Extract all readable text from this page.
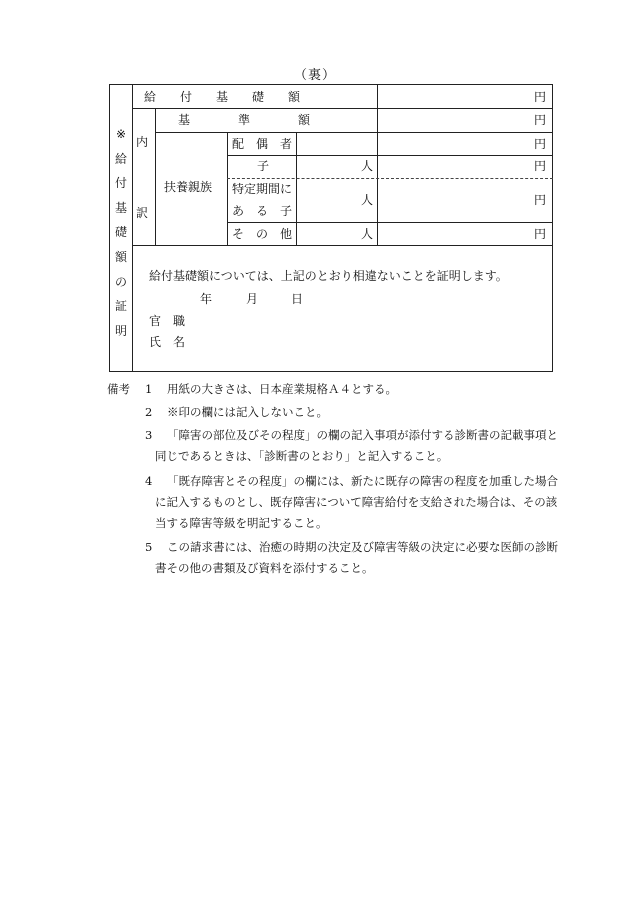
（裏）
※
給
付
基
礎
額
の
証
明
内
訳
給　　付　　基　　礎　　額
基　　　　準　　　　額
扶養親族
配　偶　者
子
特定期間に
あ　る　子
そ　の　他
人
人
人
円
円
円
円
円
円
給付基礎額については、上記のとおり相違ないことを証明します。
年	月	日
官　職
氏　名
備考 1 用紙の大きさは、日本産業規格Ａ４とする。
2 ※印の欄には記入しないこと。
3 「障害の部位及びその程度」の欄の記入事項が添付する診断書の記載事項と
同じであるときは、「診断書のとおり」と記入すること。
4 「既存障害とその程度」の欄には、新たに既存の障害の程度を加重した場合
に記入するものとし、既存障害について障害給付を支給された場合は、その該
当する障害等級を明記すること。
5 この請求書には、治癒の時期の決定及び障害等級の決定に必要な医師の診断
書その他の書類及び資料を添付すること。
